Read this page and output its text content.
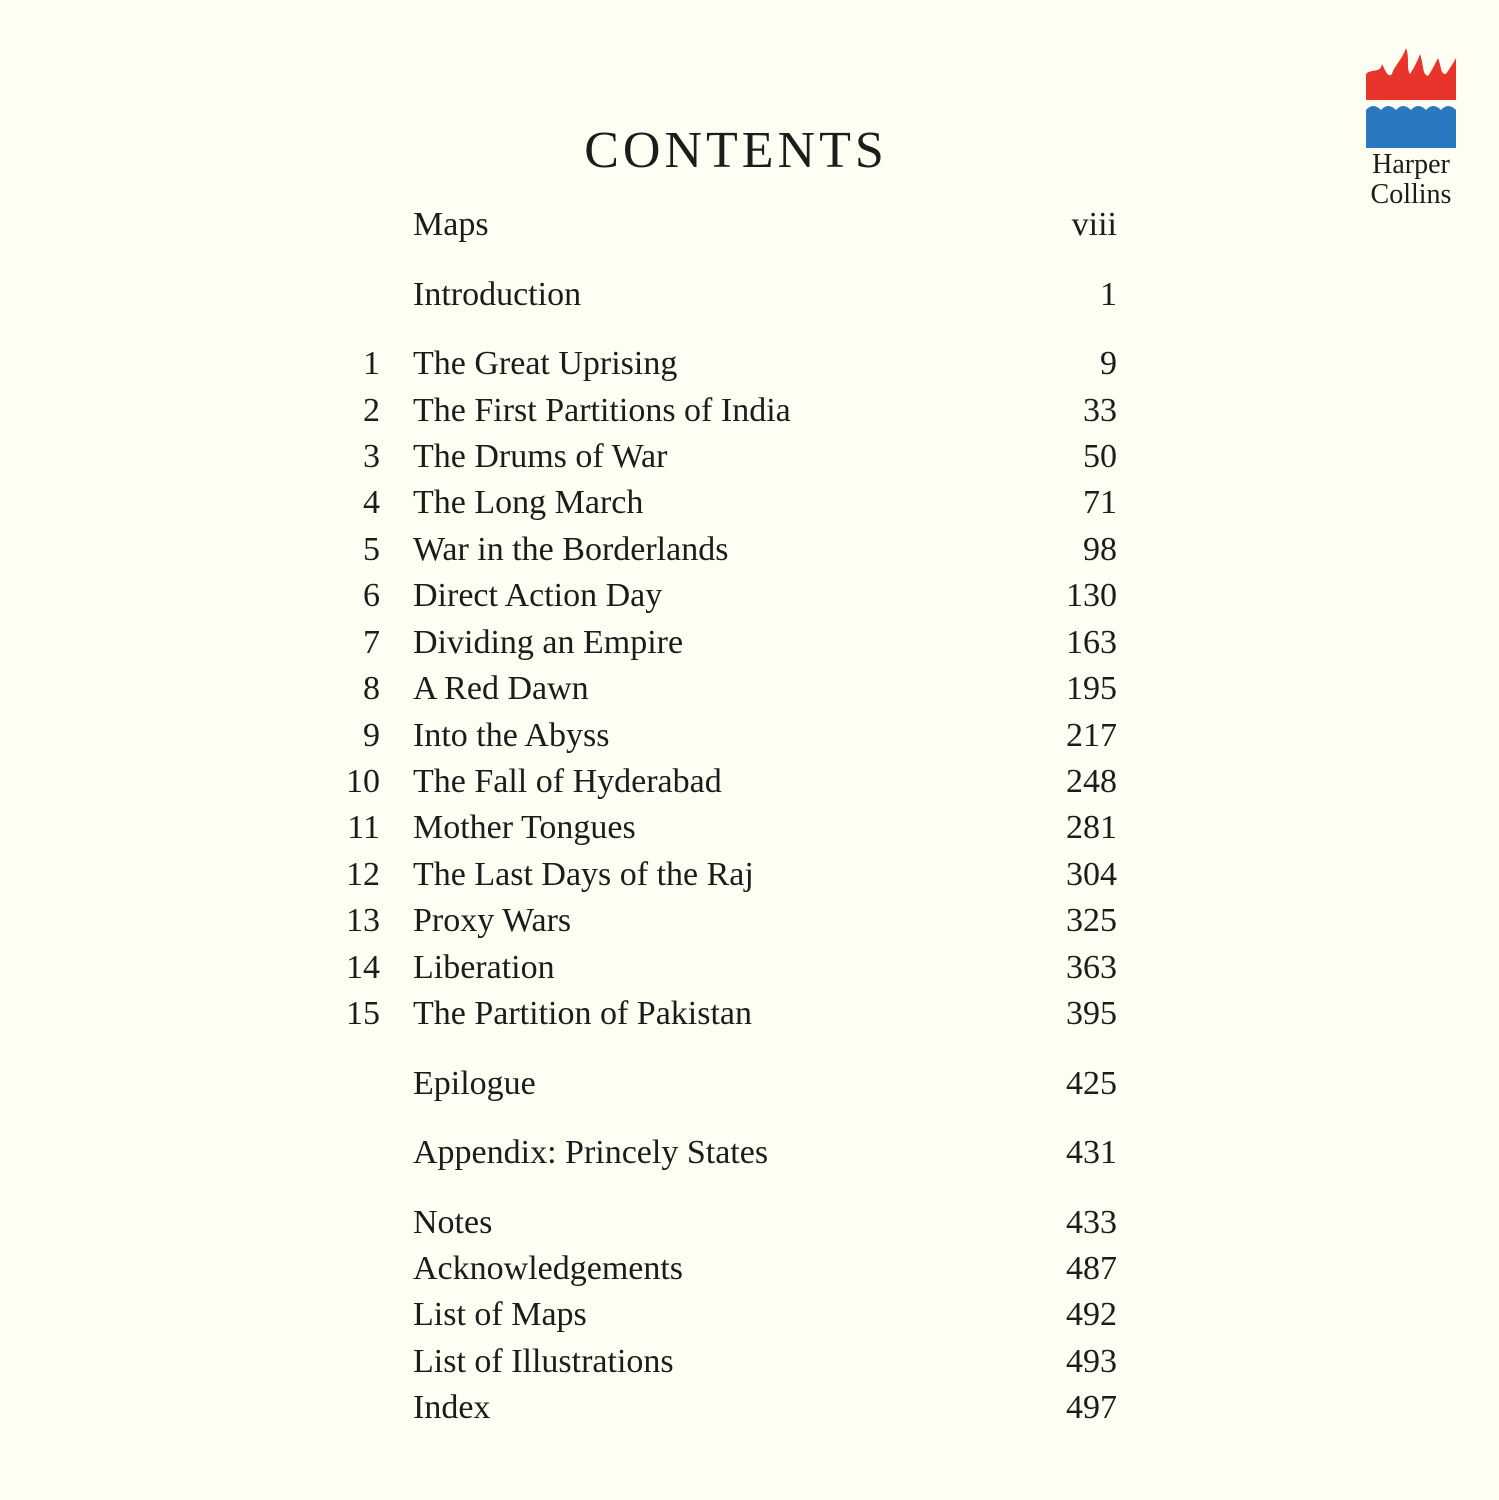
CONTENTS	Harper
Collins
Maps	viii
Introduction	1
1 The Great Uprising	9
2 The First Partitions of India	33
3 The Drums of War	50
4 The Long March	71
5 War in the Borderlands	98
6 Direct Action Day	130
7 Dividing an Empire	163
8 A Red Dawn	195
9 Into the Abyss	217
10 The Fall of Hyderabad	248
11 Mother Tongues	281
12 The Last Days of the Raj	304
13 Proxy Wars	325
14 Liberation	363
15 The Partition of Pakistan	395
Epilogue	425
Appendix: Princely States	431
Notes	433
Acknowledgements	487
List of Maps	492
List of Illustrations	493
Index	497
